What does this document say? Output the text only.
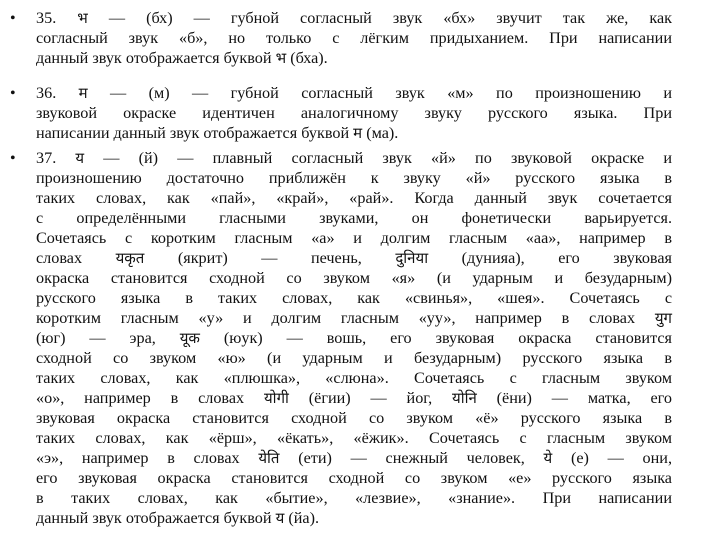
• 35. भ — (бх) — губной согласный звук «бх» звучит так же, как
согласный звук «б», но только с лёгким придыханием. При написании
данный звук отображается буквой भ (бха).
• 36. म — (м) — губной согласный звук «м» по произношению и
звуковой окраске идентичен аналогичному звуку русского языка. При
написании данный звук отображается буквой म (ма).
• 37. य — (й) — плавный согласный звук «й» по звуковой окраске и
произношению достаточно приближён к звуку «й» русского языка в
таких словах, как «пай», «край», «рай». Когда данный звук сочетается
с определёнными гласными звуками, он фонетически варьируется.
Сочетаясь с коротким гласным «а» и долгим гласным «аа», например в
словах यकृत (якрит) — печень, दुनिया (дунияа), его звуковая
окраска становится сходной со звуком «я» (и ударным и безударным)
русского языка в таких словах, как «свинья», «шея». Сочетаясь с
коротким гласным «у» и долгим гласным «уу», например в словах युग
(юг) — эра, यूक (юук) — вошь, его звуковая окраска становится
сходной со звуком «ю» (и ударным и безударным) русского языка в
таких словах, как «плюшка», «слюна». Сочетаясь с гласным звуком
«о», например в словах योगी (ёгии) — йог, योनि (ёни) — матка, его
звуковая окраска становится сходной со звуком «ё» русского языка в
таких словах, как «ёрш», «ёкать», «ёжик». Сочетаясь с гласным звуком
«э», например в словах येति (ети) — снежный человек, ये (е) — они,
его звуковая окраска становится сходной со звуком «е» русского языка
в таких словах, как «бытие», «лезвие», «знание». При написании
данный звук отображается буквой य (йа).
